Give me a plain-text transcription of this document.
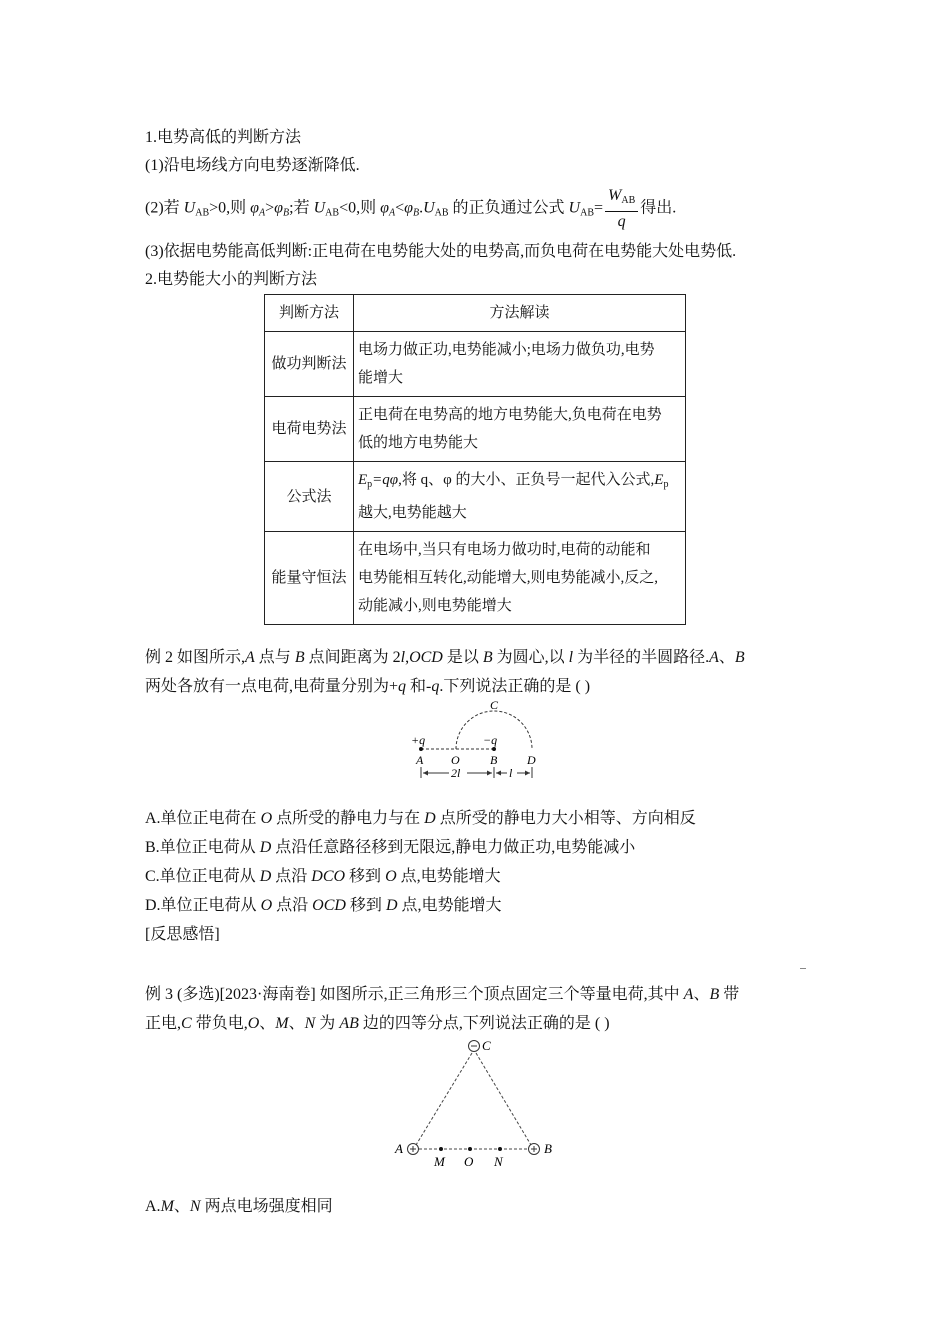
1.电势高低的判断方法
(1)沿电场线方向电势逐渐降低.
(2)若 $U_{AB}>0$,则 $\varphi_A>\varphi_B$;若 $U_{AB}<0$,则 $\varphi_A<\varphi_B.U_{AB}$ 的正负通过公式 $U_{AB}= \frac{W_{AB}}{q}$ 得出.
(3)依据电势能高低判断:正电荷在电势能大处的电势高,而负电荷在电势能大处电势低.
2.电势能大小的判断方法
判断方法	方法解读
做功判断法	电场力做正功,电势能减小;电场力做负功,电势
能增大

电荷电势法	正电荷在电势高的地方电势能大,负电荷在电势
低的地方电势能大

公式法	$E_p=q\varphi$,将 q、φ 的大小、正负号一起代入公式$,E_p$
越大,电势能越大

能量守恒法	在电场中,当只有电场力做功时,电荷的动能和
电势能相互转化,动能增大,则电势能减小,反之,
动能减小,则电势能增大
例 2 如图所示,A 点与 B 点间距离为 2l,OCD 是以 B 为圆心,以 l 为半径的半圆路径.A、B
两处各放有一点电荷,电荷量分别为+q 和-q.下列说法正确的是 ( )
+q	−q
C
A O	B D
2l	l
A.单位正电荷在 O 点所受的静电力与在 D 点所受的静电力大小相等、方向相反
B.单位正电荷从 D 点沿任意路径移到无限远,静电力做正功,电势能减小
C.单位正电荷从 D 点沿 DCO 移到 O 点,电势能增大
D.单位正电荷从 O 点沿 OCD 移到 D 点,电势能增大
[反思感悟]
例 3 (多选)[2023·海南卷] 如图所示,正三角形三个顶点固定三个等量电荷,其中 A、B 带
正电,C 带负电,O、M、N 为 AB 边的四等分点,下列说法正确的是 ( )
C
A	B
M O N
A.M、N 两点电场强度相同
